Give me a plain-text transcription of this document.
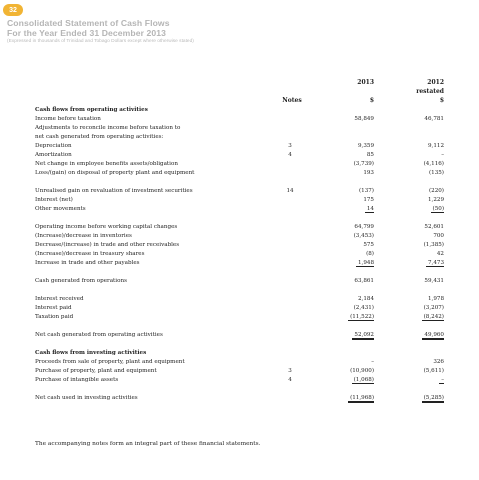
32
Consolidated Statement of Cash Flows
For the Year Ended 31 December 2013
(Expressed in thousands of Trinidad and Tobago Dollars except where otherwise stated)
2013	2012
restated
Notes	$	$
Cash flows from operating activities
Income before taxation	58,849	46,781
Adjustments to reconcile income before taxation to
net cash generated from operating activities:
Depreciation	3	9,359	9,112
Amortization	4	85	–
Net change in employee benefits assets/obligation	(3,739)	(4,116)
Loss/(gain) on disposal of property plant and equipment	193	(135)
Unrealised gain on revaluation of investment securities	14	(137)	(220)
Interest (net)	175	1,229
Other movements	14	(50)
Operating income before working capital changes	64,799	52,601
(Increase)/decrease in inventories	(3,453)	700
Decrease/(increase) in trade and other receivables	575	(1,385)
(Increase)/decrease in treasury shares	(8)	42
Increase in trade and other payables	1,948	7,473
Cash generated from operations	63,861	59,431
Interest received	2,184	1,978
Interest paid	(2,431)	(3,207)
Taxation paid	(11,522)	(8,242)
Net cash generated from operating activities	52,092	49,960
Cash flows from investing activities
Proceeds from sale of property, plant and equipment	–	326
Purchase of property, plant and equipment	3	(10,900)	(5,611)
Purchase of intangible assets	4	(1,068)	–
Net cash used in investing activities	(11,968)	(5,285)
The accompanying notes form an integral part of these financial statements.
